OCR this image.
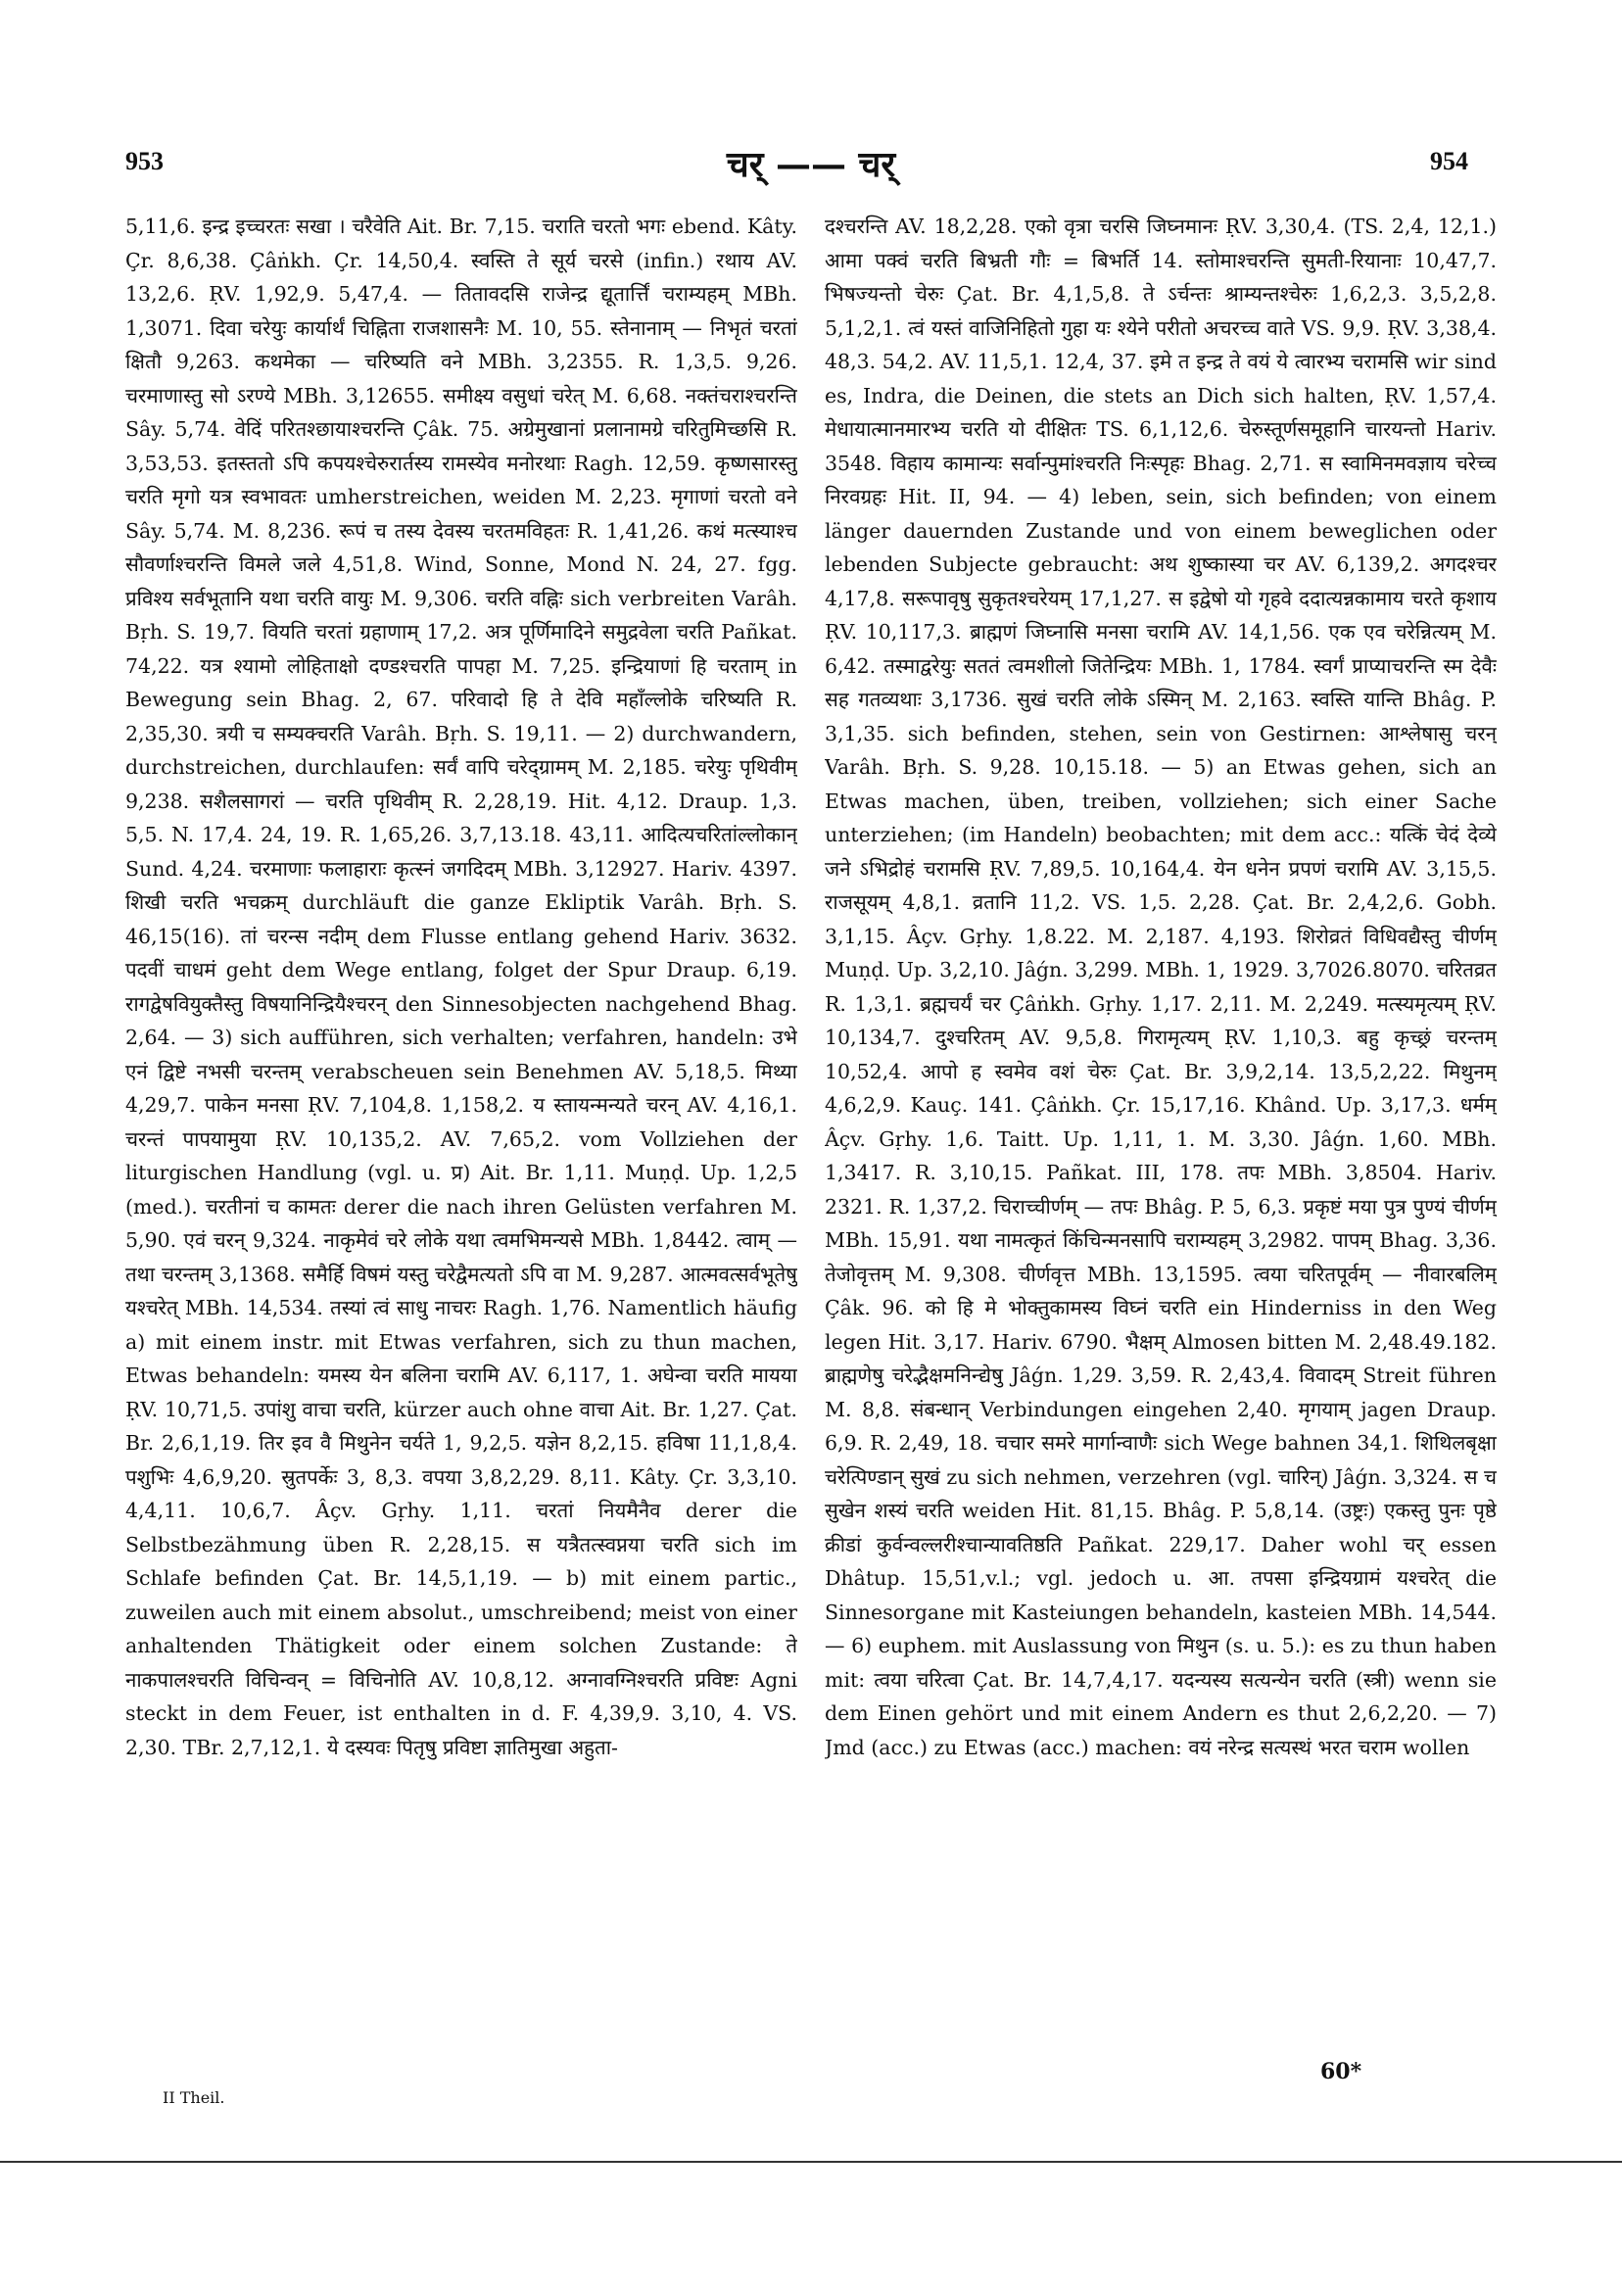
953	चर् —— चर्	954
5,11,6. इन्द्र इच्चरतः सखा । चरैवेति Ait. Br. 7,15. चराति चरतो भगः ebend. Kâty. Çr. 8,6,38. Çâṅkh. Çr. 14,50,4. स्वस्ति ते सूर्य चरसे (infin.) रथाय AV. 13,2,6. ṚV. 1,92,9. 5,47,4. — तितावदसि राजेन्द्र द्यूतार्त्तिं चराम्यहम् MBh. 1,3071. दिवा चरेयुः कार्यार्थं चिह्निता राजशासनैः M. 10, 55. स्तेनानाम् — निभृतं चरतां क्षितौ 9,263. कथमेका — चरिष्यति वने MBh. 3,2355. R. 1,3,5. 9,26. चरमाणास्तु सो ऽरण्ये MBh. 3,12655. समीक्ष्य वसुधां चरेत् M. 6,68. नक्तंचराश्चरन्ति Sây. 5,74. वेदिं परितश्छायाश्चरन्ति Çâk. 75. अग्रेमुखानां प्रलानामग्रे चरितुमिच्छसि R. 3,53,53. इतस्ततो ऽपि कपयश्चेरुरार्तस्य रामस्येव मनोरथाः Ragh. 12,59. कृष्णसारस्तु चरति मृगो यत्र स्वभावतः umherstreichen, weiden M. 2,23. मृगाणां चरतो वने Sây. 5,74. M. 8,236. रूपं च तस्य देवस्य चरतमविहतः R. 1,41,26. कथं मत्स्याश्च सौवर्णाश्चरन्ति विमले जले 4,51,8. Wind, Sonne, Mond N. 24, 27. fgg. प्रविश्य सर्वभूतानि यथा चरति वायुः M. 9,306. चरति वह्निः sich verbreiten Varâh. Bṛh. S. 19,7. वियति चरतां ग्रहाणाम् 17,2. अत्र पूर्णिमादिने समुद्रवेला चरति Pañkat. 74,22. यत्र श्यामो लोहिताक्षो दण्डश्चरति पापहा M. 7,25. इन्द्रियाणां हि चरताम् in Bewegung sein Bhag. 2, 67. परिवादो हि ते देवि महाँल्लोके चरिष्यति R. 2,35,30. त्रयी च सम्यक्चरति Varâh. Bṛh. S. 19,11. — 2) durchwandern, durchstreichen, durchlaufen: सर्वं वापि चरेद्ग्रामम् M. 2,185. चरेयुः पृथिवीम् 9,238. सशैलसागरां — चरति पृथिवीम् R. 2,28,19. Hit. 4,12. Draup. 1,3. 5,5. N. 17,4. 24, 19. R. 1,65,26. 3,7,13.18. 43,11. आदित्यचरितांल्लोकान् Sund. 4,24. चरमाणाः फलाहाराः कृत्स्नं जगदिदम् MBh. 3,12927. Hariv. 4397. शिखी चरति भचक्रम् durchläuft die ganze Ekliptik Varâh. Bṛh. S. 46,15(16). तां चरन्स नदीम् dem Flusse entlang gehend Hariv. 3632. पदवीं चाधमं geht dem Wege entlang, folget der Spur Draup. 6,19. रागद्वेषवियुक्तैस्तु विषयानिन्द्रियैश्चरन् den Sinnesobjecten nachgehend Bhag. 2,64. — 3) sich aufführen, sich verhalten; verfahren, handeln: उभे एनं द्विष्टे नभसी चरन्तम् verabscheuen sein Benehmen AV. 5,18,5. मिथ्या 4,29,7. पाकेन मनसा ṚV. 7,104,8. 1,158,2. य स्तायन्मन्यते चरन् AV. 4,16,1. चरन्तं पापयामुया ṚV. 10,135,2. AV. 7,65,2. vom Vollziehen der liturgischen Handlung (vgl. u. प्र) Ait. Br. 1,11. Muṇḍ. Up. 1,2,5 (med.). चरतीनां च कामतः derer die nach ihren Gelüsten verfahren M. 5,90. एवं चरन् 9,324. नाकृमेवं चरे लोके यथा त्वमभिमन्यसे MBh. 1,8442. त्वाम् — तथा चरन्तम् 3,1368. समैर्हि विषमं यस्तु चरेद्वैमत्यतो ऽपि वा M. 9,287. आत्मवत्सर्वभूतेषु यश्चरेत् MBh. 14,534. तस्यां त्वं साधु नाचरः Ragh. 1,76. Namentlich häufig a) mit einem instr. mit Etwas verfahren, sich zu thun machen, Etwas behandeln: यमस्य येन बलिना चरामि AV. 6,117, 1. अघेन्वा चरति मायया ṚV. 10,71,5. उपांशु वाचा चरति, kürzer auch ohne वाचा Ait. Br. 1,27. Çat. Br. 2,6,1,19. तिर इव वै मिथुनेन चर्यते 1, 9,2,5. यज्ञेन 8,2,15. हविषा 11,1,8,4. पशुभिः 4,6,9,20. स्रुतपर्केः 3, 8,3. वपया 3,8,2,29. 8,11. Kâty. Çr. 3,3,10. 4,4,11. 10,6,7. Âçv. Gṛhy. 1,11. चरतां नियमैनैव derer die Selbstbezähmung üben R. 2,28,15. स यत्रैतत्स्वप्नया चरति sich im Schlafe befinden Çat. Br. 14,5,1,19. — b) mit einem partic., zuweilen auch mit einem absolut., umschreibend; meist von einer anhaltenden Thätigkeit oder einem solchen Zustande: ते नाकपालश्चरति विचिन्वन् = विचिनोति AV. 10,8,12. अग्नावग्निश्चरति प्रविष्टः Agni steckt in dem Feuer, ist enthalten in d. F. 4,39,9. 3,10, 4. VS. 2,30. TBr. 2,7,12,1. ये दस्यवः पितृषु प्रविष्टा ज्ञातिमुखा अहुता-
दश्चरन्ति AV. 18,2,28. एको वृत्रा चरसि जिघ्नमानः ṚV. 3,30,4. (TS. 2,4, 12,1.) आमा पक्वं चरति बिभ्रती गौः = बिभर्ति 14. स्तोमाश्चरन्ति सुमती-रियानाः 10,47,7. भिषज्यन्तो चेरुः Çat. Br. 4,1,5,8. ते ऽर्चन्तः श्राम्यन्तश्चेरुः 1,6,2,3. 3,5,2,8. 5,1,2,1. त्वं यस्तं वाजिनिहितो गुहा यः श्येने परीतो अचरच्च वाते VS. 9,9. ṚV. 3,38,4. 48,3. 54,2. AV. 11,5,1. 12,4, 37. इमे त इन्द्र ते वयं ये त्वारभ्य चरामसि wir sind es, Indra, die Deinen, die stets an Dich sich halten, ṚV. 1,57,4. मेधायात्मानमारभ्य चरति यो दीक्षितः TS. 6,1,12,6. चेरुस्तूर्णसमूहानि चारयन्तो Hariv. 3548. विहाय कामान्यः सर्वान्पुमांश्चरति निःस्पृहः Bhag. 2,71. स स्वामिनमवज्ञाय चरेच्च निरवग्रहः Hit. II, 94. — 4) leben, sein, sich befinden; von einem länger dauernden Zustande und von einem beweglichen oder lebenden Subjecte gebraucht: अथ शुष्कास्या चर AV. 6,139,2. अगदश्चर 4,17,8. सरूपावृषु सुकृतश्चरेयम् 17,1,27. स इद्वेषो यो गृहवे ददात्यन्नकामाय चरते कृशाय ṚV. 10,117,3. ब्राह्मणं जिघ्नासि मनसा चरामि AV. 14,1,56. एक एव चरेन्नित्यम् M. 6,42. तस्माद्वरेयुः सततं त्वमशीलो जितेन्द्रियः MBh. 1, 1784. स्वर्गं प्राप्याचरन्ति स्म देवैः सह गतव्यथाः 3,1736. सुखं चरति लोके ऽस्मिन् M. 2,163. स्वस्ति यान्ति Bhâg. P. 3,1,35. sich befinden, stehen, sein von Gestirnen: आश्लेषासु चरन् Varâh. Bṛh. S. 9,28. 10,15.18. — 5) an Etwas gehen, sich an Etwas machen, üben, treiben, vollziehen; sich einer Sache unterziehen; (im Handeln) beobachten; mit dem acc.: यत्किं चेदं देव्ये जने ऽभिद्रोहं चरामसि ṚV. 7,89,5. 10,164,4. येन धनेन प्रपणं चरामि AV. 3,15,5. राजसूयम् 4,8,1. व्रतानि 11,2. VS. 1,5. 2,28. Çat. Br. 2,4,2,6. Gobh. 3,1,15. Âçv. Gṛhy. 1,8.22. M. 2,187. 4,193. शिरोव्रतं विधिवद्यैस्तु चीर्णम् Muṇḍ. Up. 3,2,10. Jâǵn. 3,299. MBh. 1, 1929. 3,7026.8070. चरितव्रत R. 1,3,1. ब्रह्मचर्यं चर Çâṅkh. Gṛhy. 1,17. 2,11. M. 2,249. मत्स्यमृत्यम् ṚV. 10,134,7. दुश्चरितम् AV. 9,5,8. गिरामृत्यम् ṚV. 1,10,3. बहु कृच्छ्रं चरन्तम् 10,52,4. आपो ह स्वमेव वशं चेरुः Çat. Br. 3,9,2,14. 13,5,2,22. मिथुनम् 4,6,2,9. Kauç. 141. Çâṅkh. Çr. 15,17,16. Khând. Up. 3,17,3. धर्मम् Âçv. Gṛhy. 1,6. Taitt. Up. 1,11, 1. M. 3,30. Jâǵn. 1,60. MBh. 1,3417. R. 3,10,15. Pañkat. III, 178. तपः MBh. 3,8504. Hariv. 2321. R. 1,37,2. चिराच्चीर्णम् — तपः Bhâg. P. 5, 6,3. प्रकृष्टं मया पुत्र पुण्यं चीर्णम् MBh. 15,91. यथा नामत्कृतं किंचिन्मनसापि चराम्यहम् 3,2982. पापम् Bhag. 3,36. तेजोवृत्तम् M. 9,308. चीर्णवृत्त MBh. 13,1595. त्वया चरितपूर्वम् — नीवारबलिम् Çâk. 96. को हि मे भोक्तुकामस्य विघ्नं चरति ein Hinderniss in den Weg legen Hit. 3,17. Hariv. 6790. भैक्षम् Almosen bitten M. 2,48.49.182. ब्राह्मणेषु चरेद्भैक्षमनिन्द्येषु Jâǵn. 1,29. 3,59. R. 2,43,4. विवादम् Streit führen M. 8,8. संबन्धान् Verbindungen eingehen 2,40. मृगयाम् jagen Draup. 6,9. R. 2,49, 18. चचार समरे मार्गान्वाणैः sich Wege bahnen 34,1. शिथिलबृक्षा चरेत्पिण्डान् सुखं zu sich nehmen, verzehren (vgl. चारिन्) Jâǵn. 3,324. स च सुखेन शस्यं चरति weiden Hit. 81,15. Bhâg. P. 5,8,14. (उष्ट्रः) एकस्तु पुनः पृष्ठे क्रीडां कुर्वन्वल्लरीश्चान्यावतिष्ठति Pañkat. 229,17. Daher wohl चर् essen Dhâtup. 15,51,v.l.; vgl. jedoch u. आ. तपसा इन्द्रियग्रामं यश्चरेत् die Sinnesorgane mit Kasteiungen behandeln, kasteien MBh. 14,544. — 6) euphem. mit Auslassung von मिथुन (s. u. 5.): es zu thun haben mit: त्वया चरित्वा Çat. Br. 14,7,4,17. यदन्यस्य सत्यन्येन चरति (स्त्री) wenn sie dem Einen gehört und mit einem Andern es thut 2,6,2,20. — 7) Jmd (acc.) zu Etwas (acc.) machen: वयं नरेन्द्र सत्यस्थं भरत चराम wollen
II Theil.
60*
